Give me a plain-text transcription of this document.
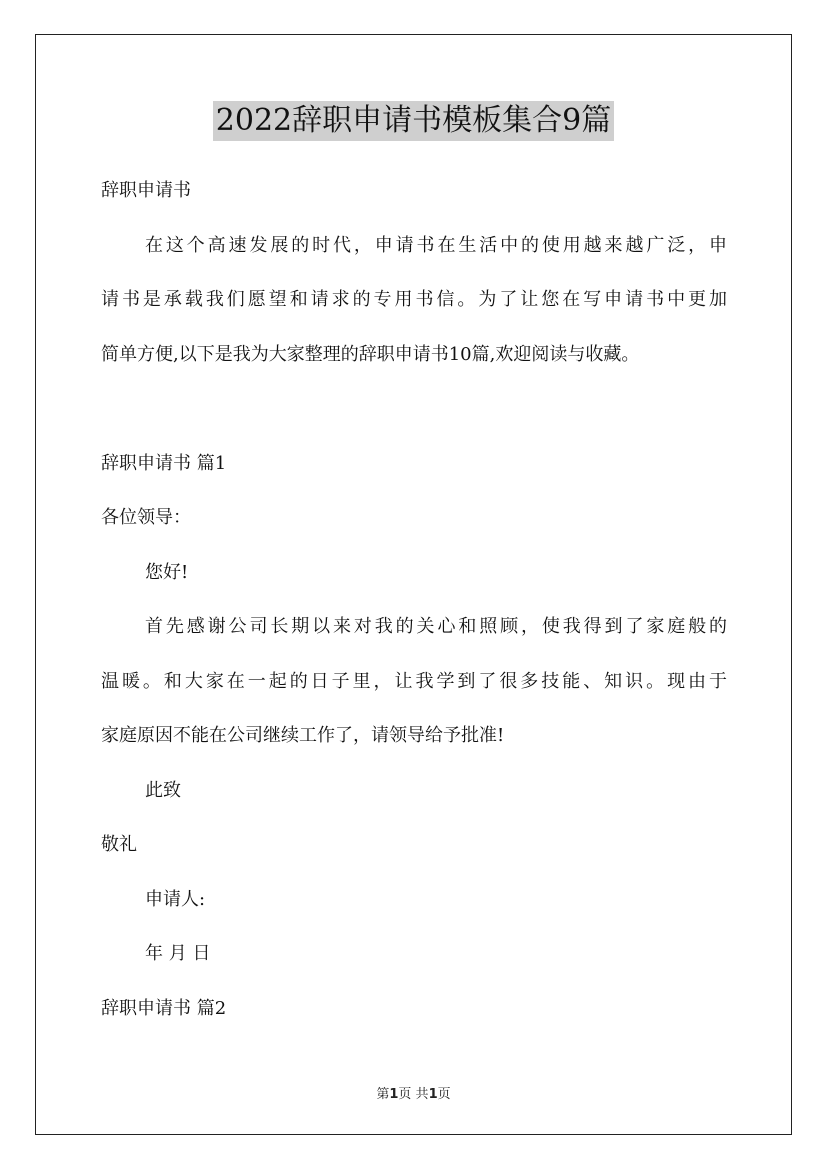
2022辞职申请书模板集合9篇
辞职申请书
在这个高速发展的时代，申请书在生活中的使用越来越广泛，申
请书是承载我们愿望和请求的专用书信。为了让您在写申请书中更加
简单方便,以下是我为大家整理的辞职申请书10篇,欢迎阅读与收藏。
辞职申请书 篇1
各位领导：
您好!
首先感谢公司长期以来对我的关心和照顾，使我得到了家庭般的
温暖。和大家在一起的日子里，让我学到了很多技能、知识。现由于
家庭原因不能在公司继续工作了，请领导给予批准!
此致
敬礼
申请人:
年 月 日
辞职申请书 篇2
第1页 共1页
